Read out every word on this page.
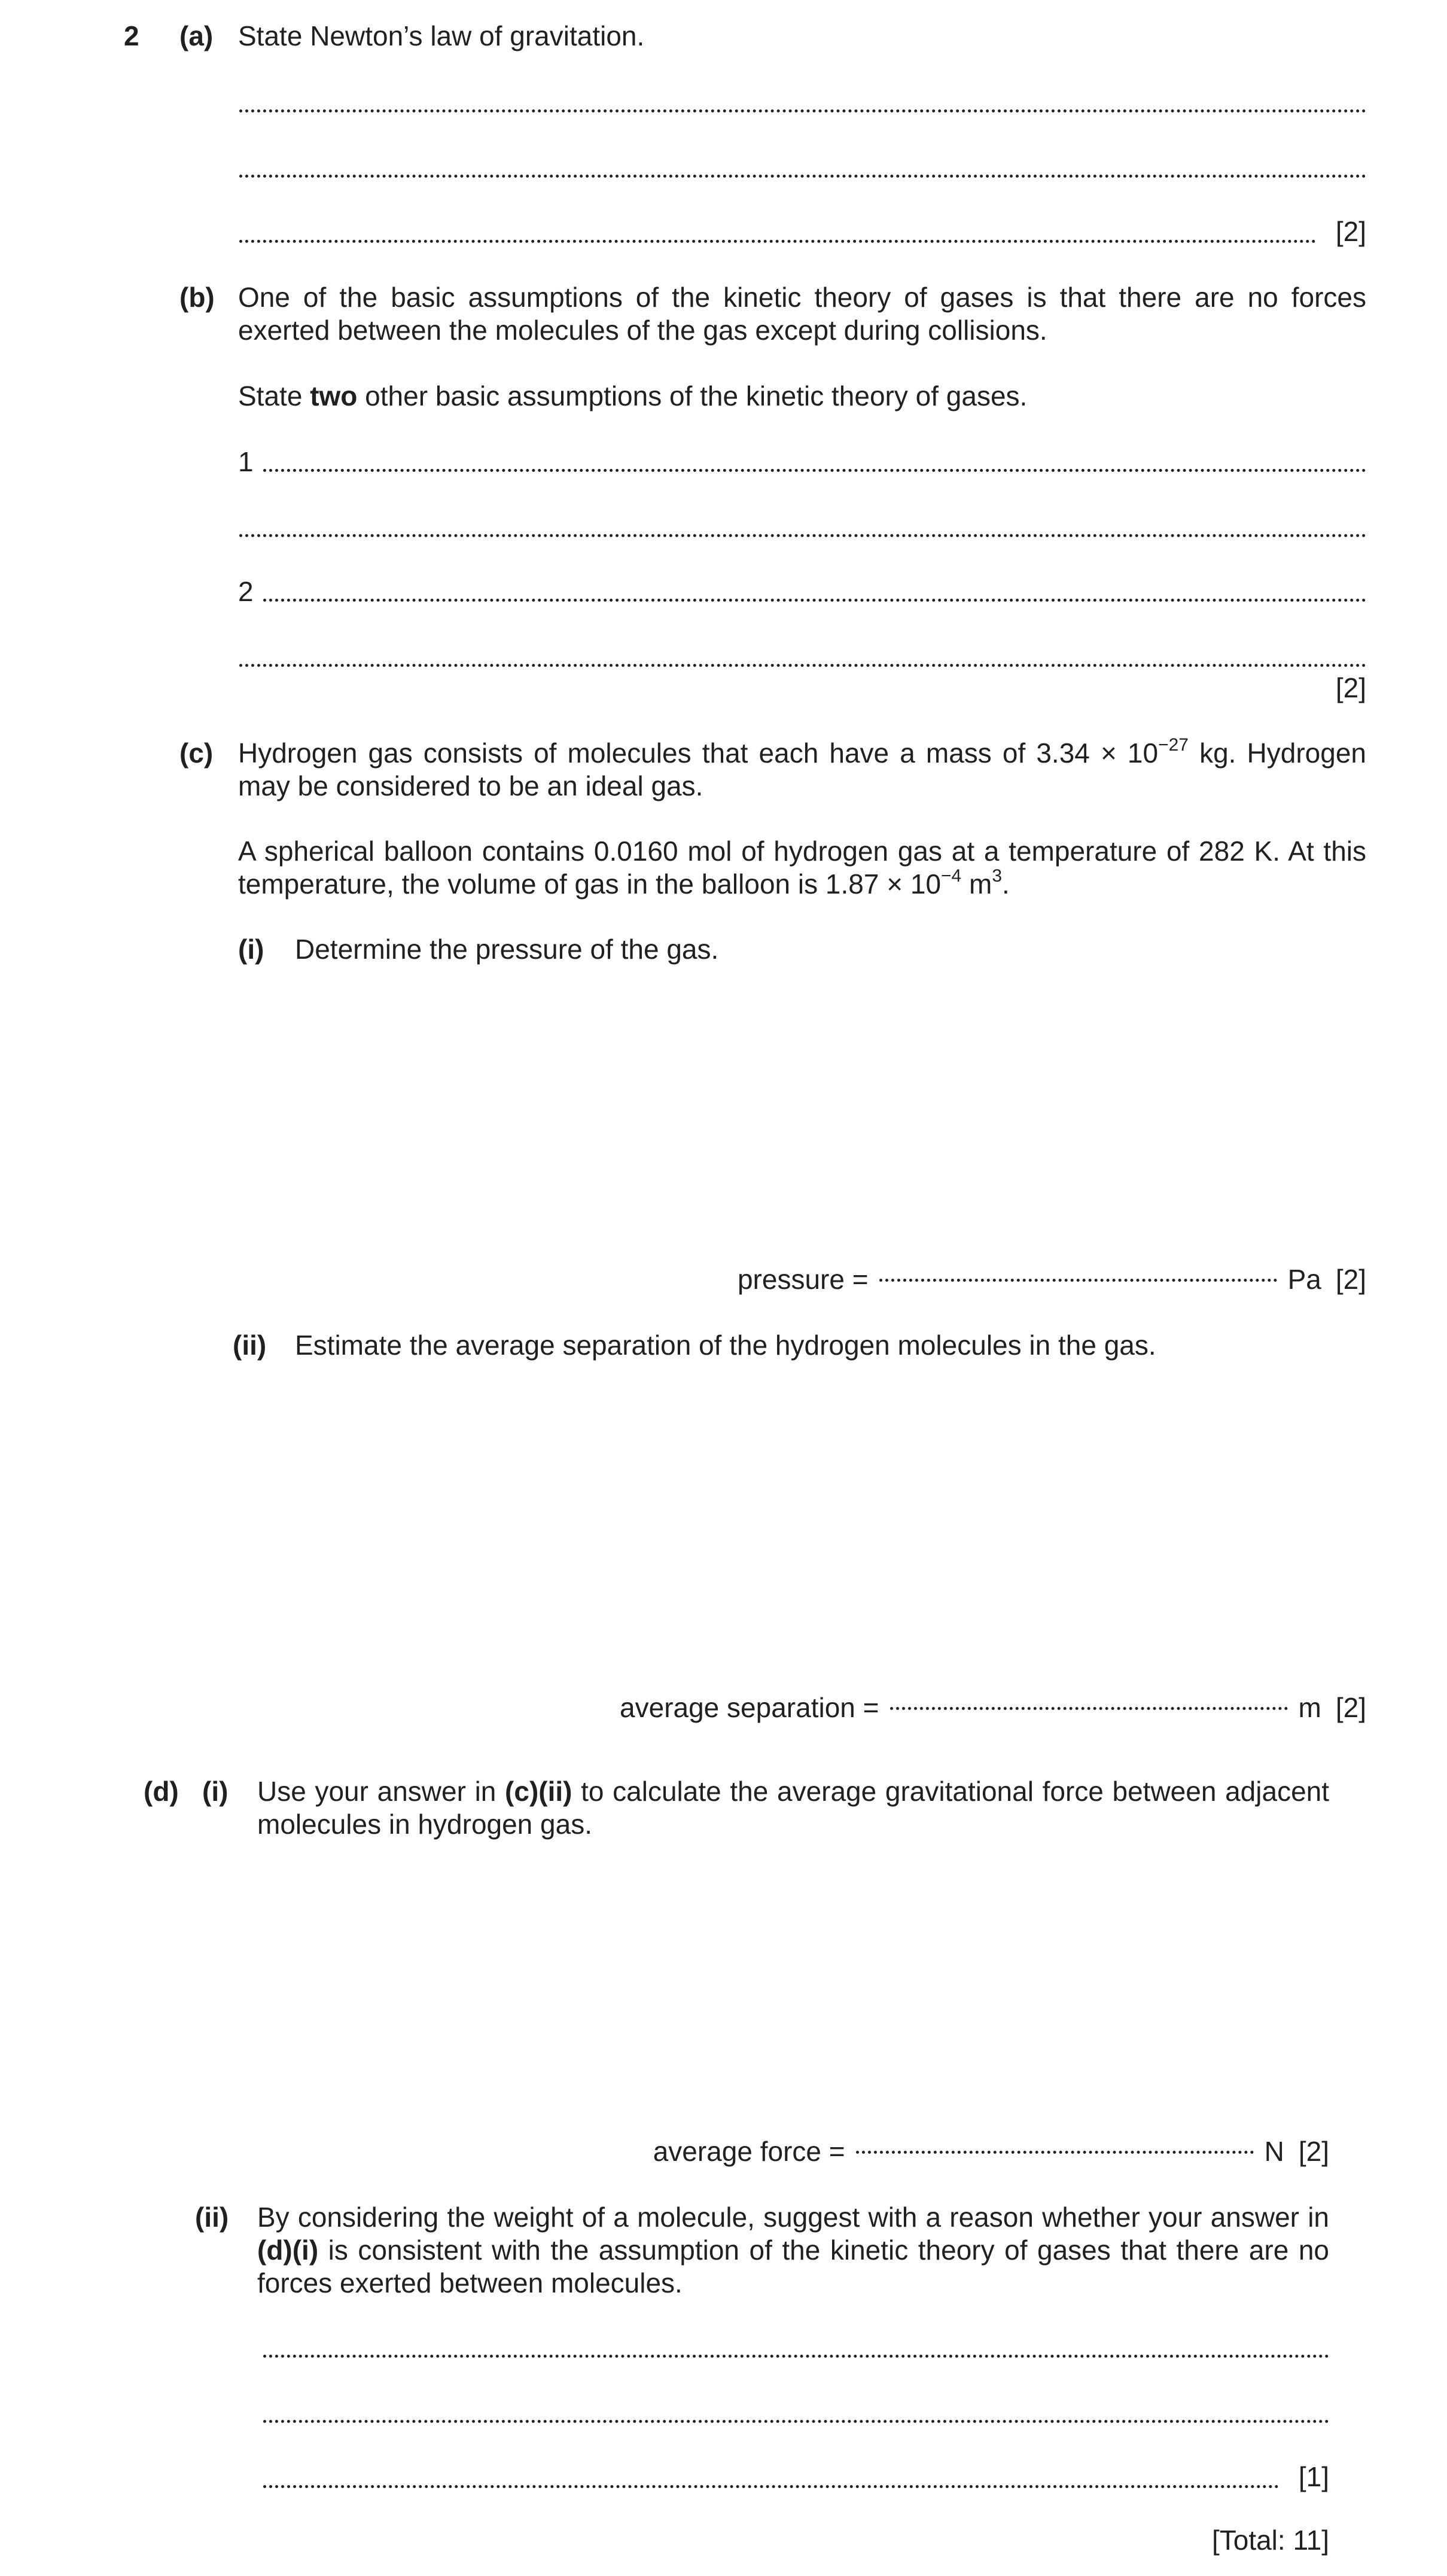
2 (a) State Newton’s law of gravitation.
[2]
(b) One of the basic assumptions of the kinetic theory of gases is that there are no forces exerted between the molecules of the gas except during collisions.
State two other basic assumptions of the kinetic theory of gases.
1
2
[2]
(c) Hydrogen gas consists of molecules that each have a mass of $3.34 \times 10^{-27}$ kg. Hydrogen may be considered to be an ideal gas.
A spherical balloon contains 0.0160 mol of hydrogen gas at a temperature of 282 K. At this temperature, the volume of gas in the balloon is $1.87 \times 10^{-4}$ $m^3$.
(i) Determine the pressure of the gas.
pressure =	Pa [2]
(ii) Estimate the average separation of the hydrogen molecules in the gas.
average separation =	m [2]
(d) (i) Use your answer in (c)(ii) to calculate the average gravitational force between adjacent molecules in hydrogen gas.
average force =	N [2]
(ii) By considering the weight of a molecule, suggest with a reason whether your answer in (d)(i) is consistent with the assumption of the kinetic theory of gases that there are no forces exerted between molecules.
[1]
[Total: 11]
